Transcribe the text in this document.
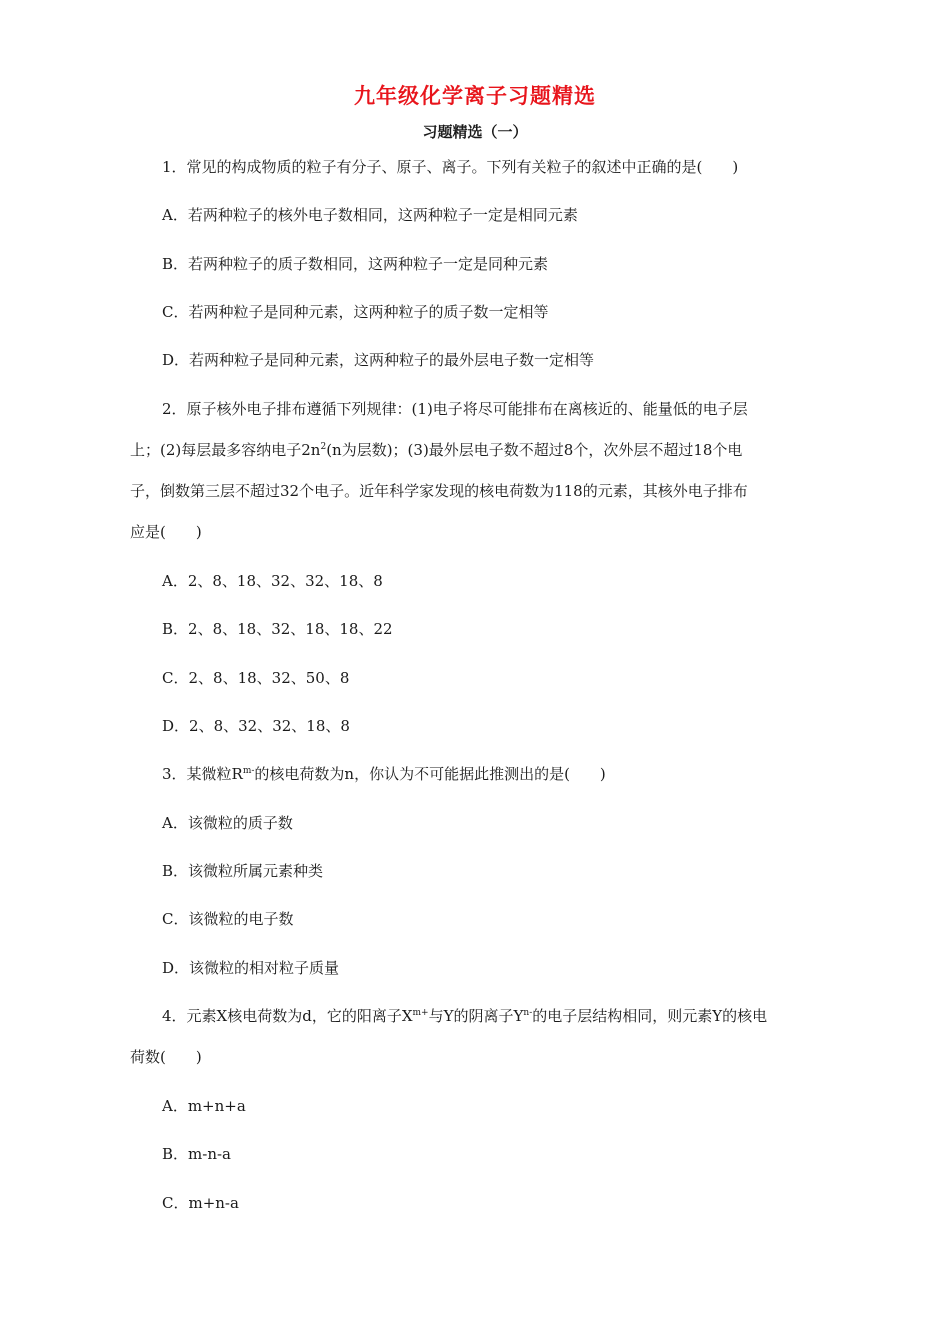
九年级化学离子习题精选
习题精选（一）
1．常见的构成物质的粒子有分子、原子、离子。下列有关粒子的叙述中正确的是(　　)
A．若两种粒子的核外电子数相同，这两种粒子一定是相同元素
B．若两种粒子的质子数相同，这两种粒子一定是同种元素
C．若两种粒子是同种元素，这两种粒子的质子数一定相等
D．若两种粒子是同种元素，这两种粒子的最外层电子数一定相等
2．原子核外电子排布遵循下列规律：(1)电子将尽可能排布在离核近的、能量低的电子层
上；(2)每层最多容纳电子$2n^2(n$为层数)；(3)最外层电子数不超过8个，次外层不超过18个电
子，倒数第三层不超过32个电子。近年科学家发现的核电荷数为118的元素，其核外电子排布
应是(　　)
A．2、8、18、32、32、18、8
B．2、8、18、32、18、18、22
C．2、8、18、32、50、8
D．2、8、32、32、18、8
3．某微粒$R^{m-}$的核电荷数为n，你认为不可能据此推测出的是(　　)
A．该微粒的质子数
B．该微粒所属元素种类
C．该微粒的电子数
D．该微粒的相对粒子质量
4．元素X核电荷数为d，它的阳离子$X^{m+}$与Y的阴离子$Y^{n-}$的电子层结构相同，则元素Y的核电
荷数(　　)
A．m+n+a
B．m-n-a
C．m+n-a
